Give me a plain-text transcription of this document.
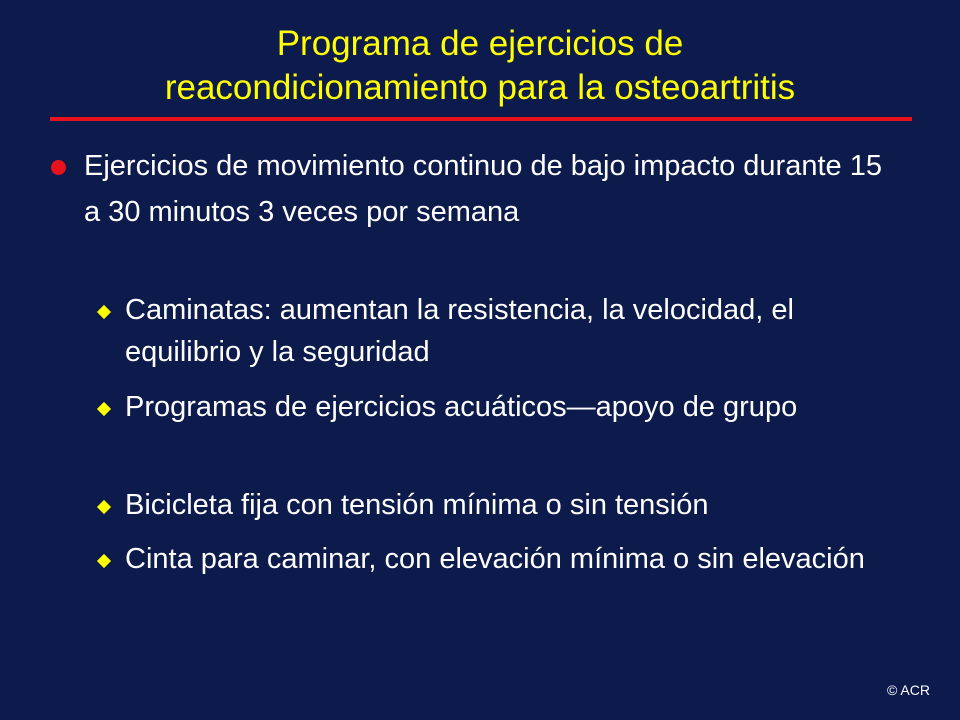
Programa de ejercicios de
reacondicionamiento para la osteoartritis
Ejercicios de movimiento continuo de bajo impacto durante 15 a 30 minutos 3 veces por semana
Caminatas: aumentan la resistencia, la velocidad, el equilibrio y la seguridad
Programas de ejercicios acuáticos—apoyo de grupo
Bicicleta fija con tensión mínima o sin tensión
Cinta para caminar, con elevación mínima o sin elevación
© ACR
